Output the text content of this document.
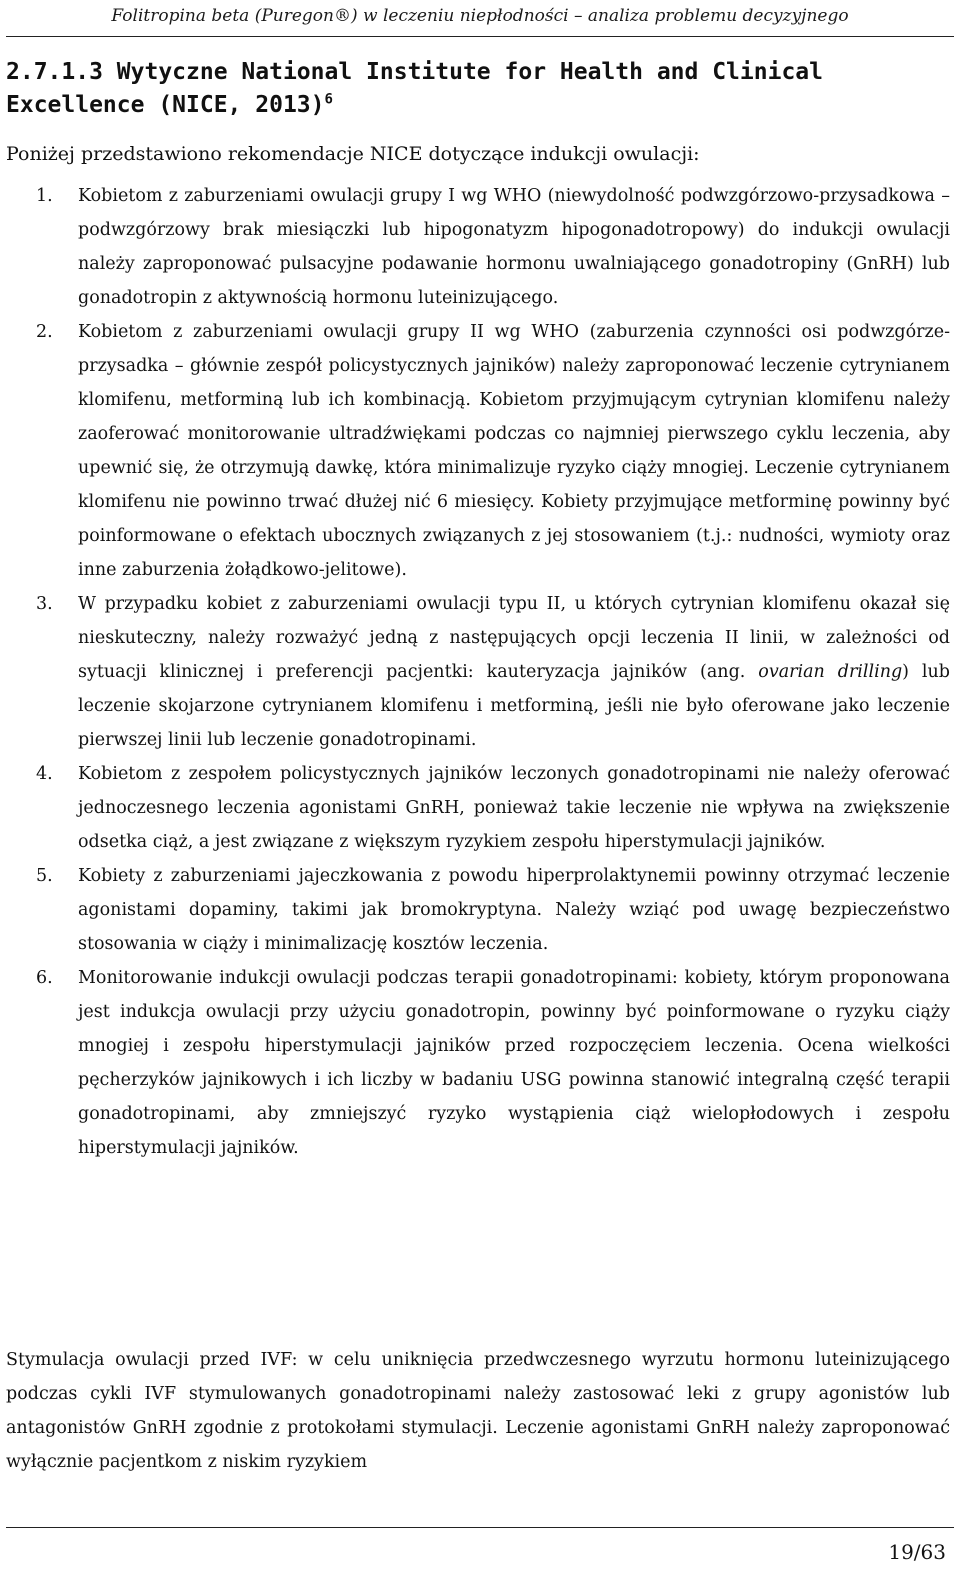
Folitropina beta (Puregon®) w leczeniu niepłodności – analiza problemu decyzyjnego
2.7.1.3 Wytyczne National Institute for Health and Clinical Excellence (NICE, 2013)$^6$
Poniżej przedstawiono rekomendacje NICE dotyczące indukcji owulacji:
1. Kobietom z zaburzeniami owulacji grupy I wg WHO (niewydolność podwzgórzowo-przysadkowa – podwzgórzowy brak miesiączki lub hipogonatyzm hipogonadotropowy) do indukcji owulacji należy zaproponować pulsacyjne podawanie hormonu uwalniającego gonadotropiny (GnRH) lub gonadotropin z aktywnością hormonu luteinizującego.
2. Kobietom z zaburzeniami owulacji grupy II wg WHO (zaburzenia czynności osi podwzgórze-przysadka – głównie zespół policystycznych jajników) należy zaproponować leczenie cytrynianem klomifenu, metforminą lub ich kombinacją. Kobietom przyjmującym cytrynian klomifenu należy zaoferować monitorowanie ultradźwiękami podczas co najmniej pierwszego cyklu leczenia, aby upewnić się, że otrzymują dawkę, która minimalizuje ryzyko ciąży mnogiej. Leczenie cytrynianem klomifenu nie powinno trwać dłużej nić 6 miesięcy. Kobiety przyjmujące metforminę powinny być poinformowane o efektach ubocznych związanych z jej stosowaniem (t.j.: nudności, wymioty oraz inne zaburzenia żołądkowo-jelitowe).
3. W przypadku kobiet z zaburzeniami owulacji typu II, u których cytrynian klomifenu okazał się nieskuteczny, należy rozważyć jedną z następujących opcji leczenia II linii, w zależności od sytuacji klinicznej i preferencji pacjentki: kauteryzacja jajników (ang. ovarian drilling) lub leczenie skojarzone cytrynianem klomifenu i metforminą, jeśli nie było oferowane jako leczenie pierwszej linii lub leczenie gonadotropinami.
4. Kobietom z zespołem policystycznych jajników leczonych gonadotropinami nie należy oferować jednoczesnego leczenia agonistami GnRH, ponieważ takie leczenie nie wpływa na zwiększenie odsetka ciąż, a jest związane z większym ryzykiem zespołu hiperstymulacji jajników.
5. Kobiety z zaburzeniami jajeczkowania z powodu hiperprolaktynemii powinny otrzymać leczenie agonistami dopaminy, takimi jak bromokryptyna. Należy wziąć pod uwagę bezpieczeństwo stosowania w ciąży i minimalizację kosztów leczenia.
6. Monitorowanie indukcji owulacji podczas terapii gonadotropinami: kobiety, którym proponowana jest indukcja owulacji przy użyciu gonadotropin, powinny być poinformowane o ryzyku ciąży mnogiej i zespołu hiperstymulacji jajników przed rozpoczęciem leczenia. Ocena wielkości pęcherzyków jajnikowych i ich liczby w badaniu USG powinna stanowić integralną część terapii gonadotropinami, aby zmniejszyć ryzyko wystąpienia ciąż wielopłodowych i zespołu hiperstymulacji jajników.

Stymulacja owulacji przed IVF: w celu uniknięcia przedwczesnego wyrzutu hormonu luteinizującego podczas cykli IVF stymulowanych gonadotropinami należy zastosować leki z grupy agonistów lub antagonistów GnRH zgodnie z protokołami stymulacji. Leczenie agonistami GnRH należy zaproponować wyłącznie pacjentkom z niskim ryzykiem

19/63
